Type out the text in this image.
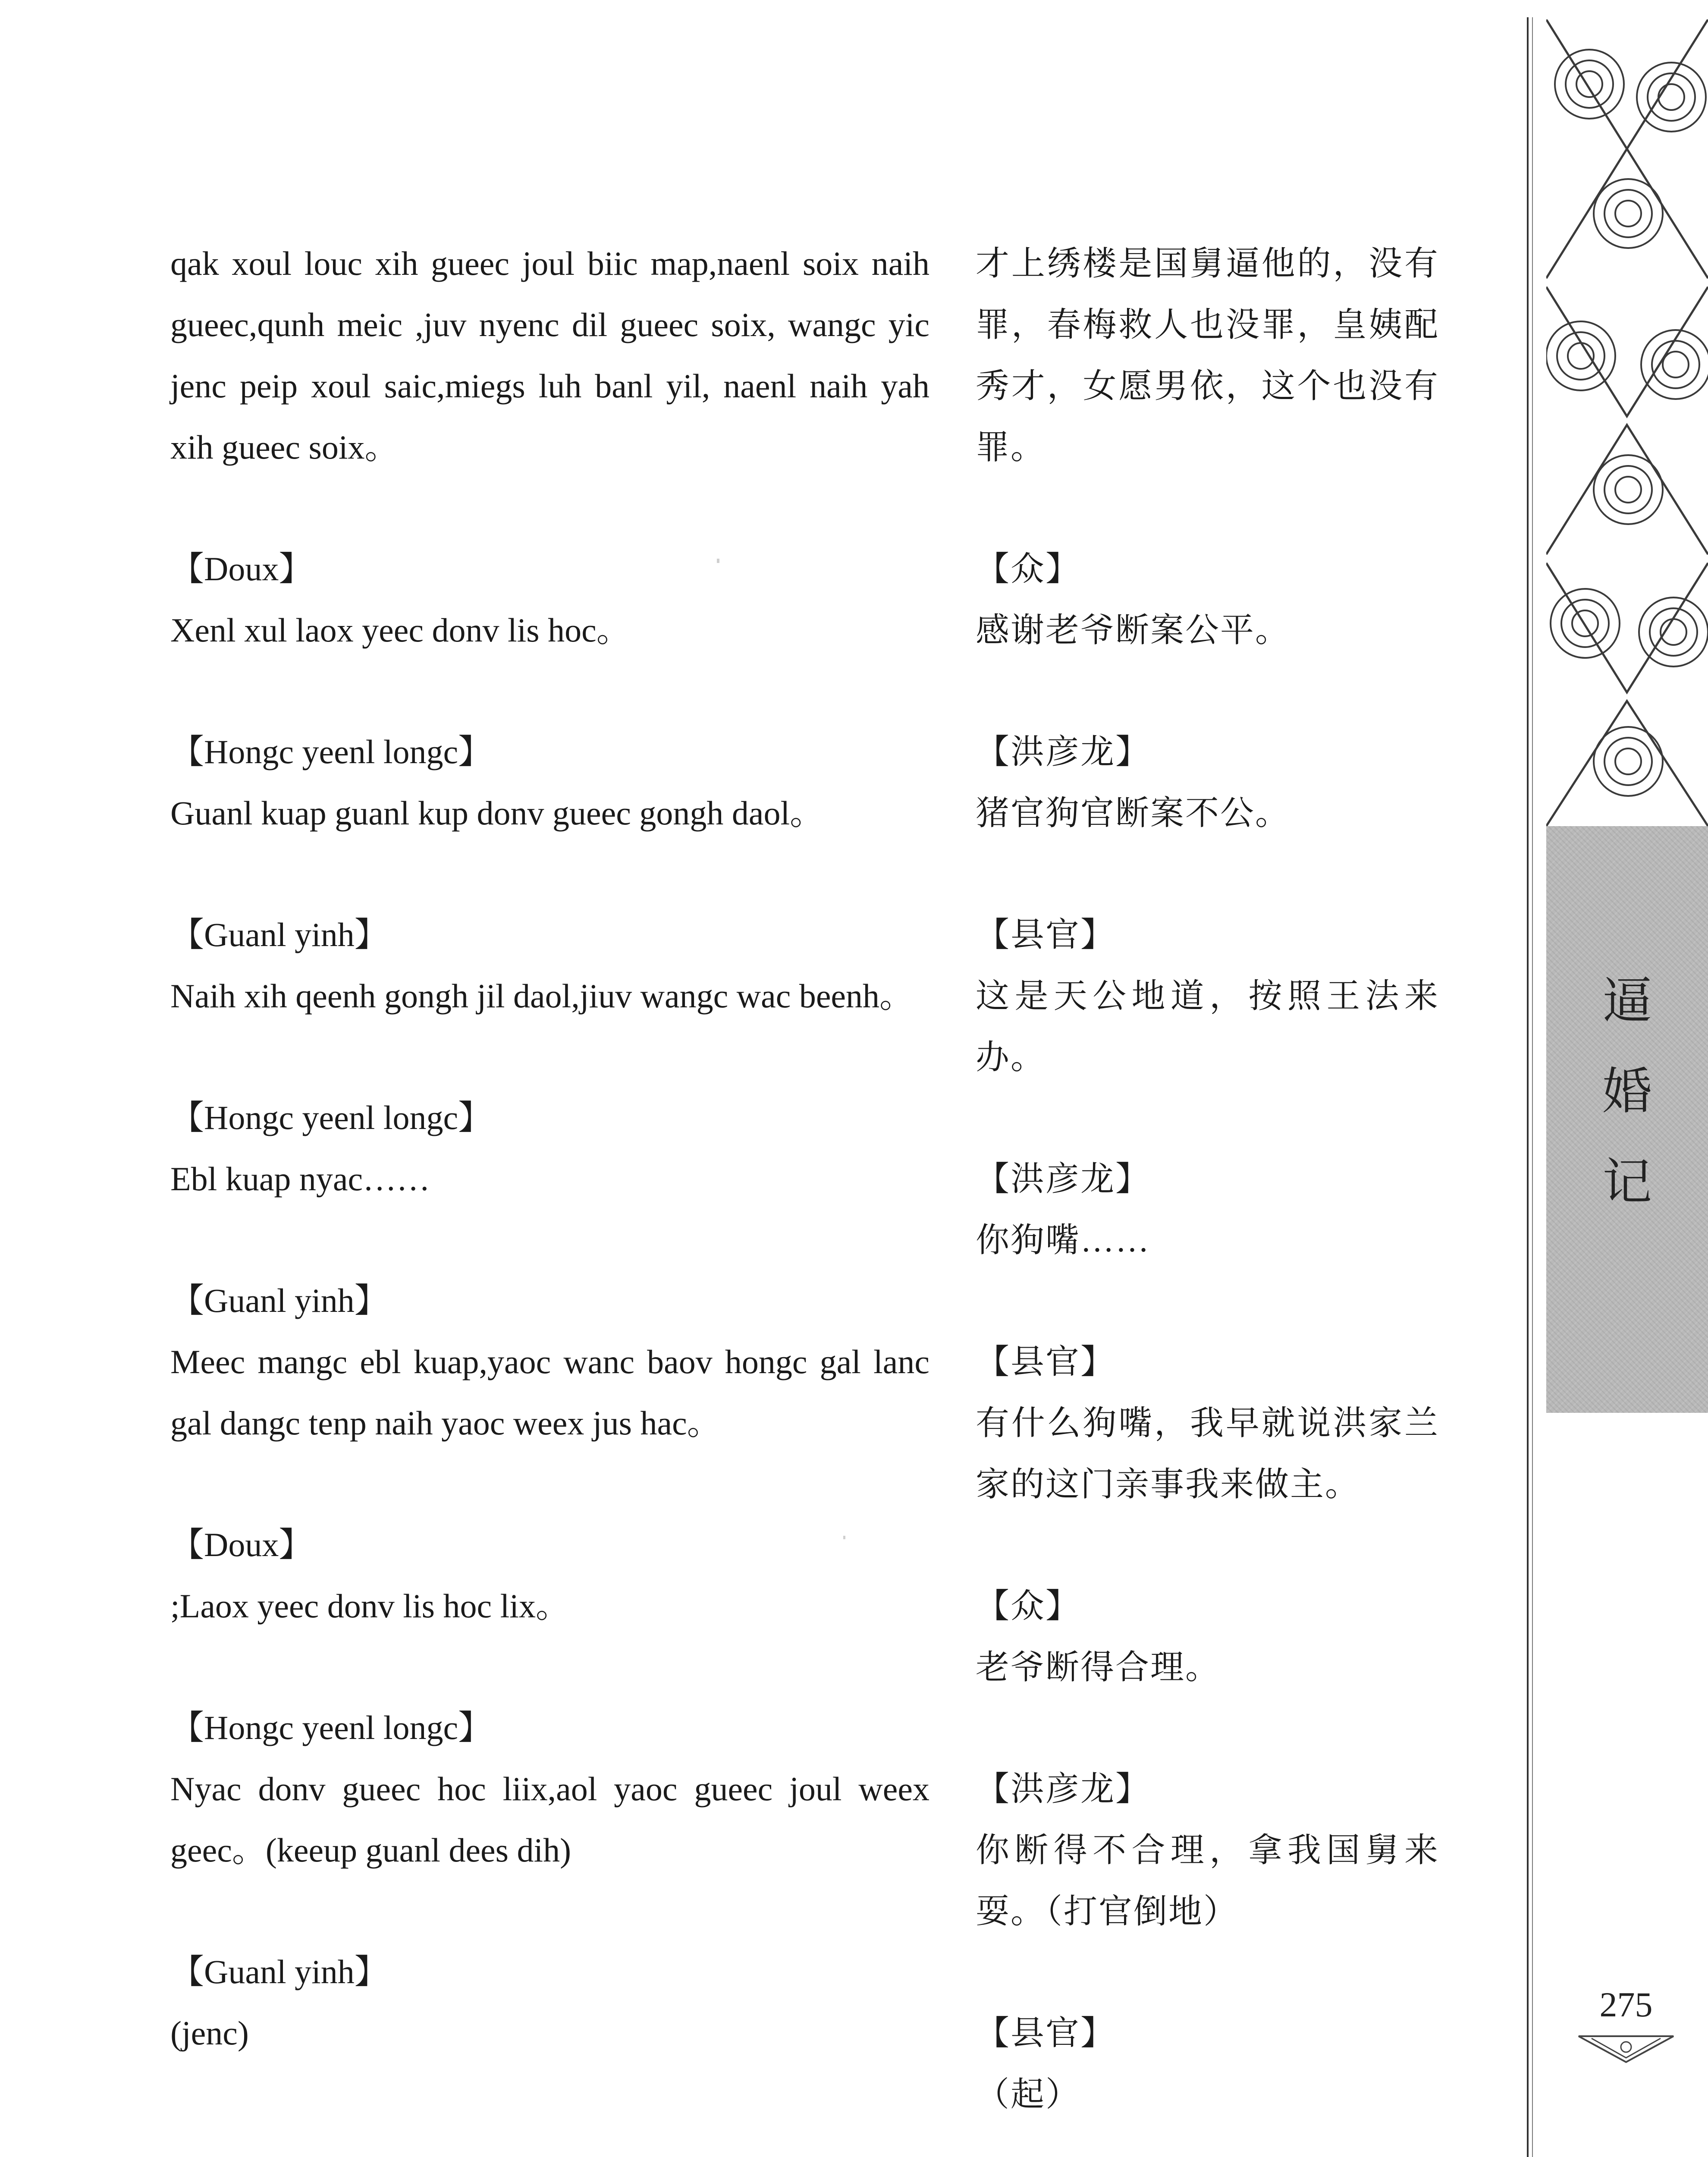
qak xoul louc xih gueec joul biic map,naenl soix naih gueec,qunh meic ,juv nyenc dil gueec soix, wangc yic jenc peip xoul saic,miegs luh banl yil, naenl naih yah xih gueec soix。

【Doux】
Xenl xul laox yeec donv lis hoc。

【Hongc yeenl longc】
Guanl kuap guanl kup donv gueec gongh daol。

【Guanl yinh】
Naih xih qeenh gongh jil daol,jiuv wangc wac beenh。

【Hongc yeenl longc】
Ebl kuap nyac……

【Guanl yinh】
Meec mangc ebl kuap,yaoc wanc baov hongc gal lanc gal dangc tenp naih yaoc weex jus hac。

【Doux】
;Laox yeec donv lis hoc lix。

【Hongc yeenl longc】
Nyac donv gueec hoc liix,aol yaoc gueec joul weex geec。(keeup guanl dees dih)

【Guanl yinh】
(jenc)

才上绣楼是国舅逼他的，没有罪，春梅救人也没罪，皇姨配秀才，女愿男依，这个也没有罪。

【众】
感谢老爷断案公平。

【洪彦龙】
猪官狗官断案不公。

【县官】
这是天公地道，按照王法来办。

【洪彦龙】
你狗嘴……

【县官】
有什么狗嘴，我早就说洪家兰家的这门亲事我来做主。

【众】
老爷断得合理。

【洪彦龙】
你断得不合理，拿我国舅来耍。（打官倒地）

【县官】
（起）

逼
婚
记
275
